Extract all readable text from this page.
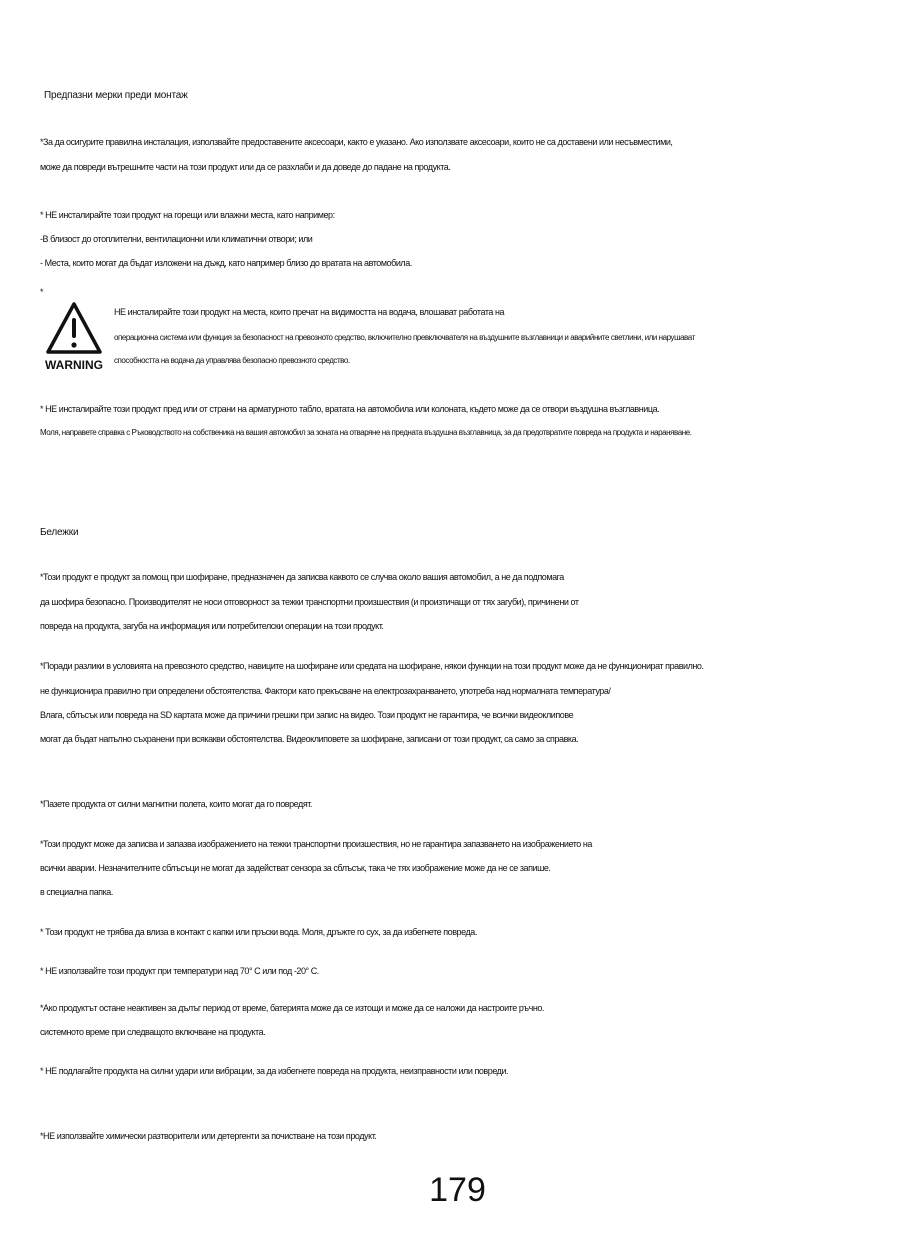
Предпазни мерки преди монтаж
*За да осигурите правилна инсталация, използвайте предоставените аксесоари, както е указано. Ако използвате аксесоари, които не са доставени или несъвместими,
може да повреди вътрешните части на този продукт или да се разхлаби и да доведе до падане на продукта.
* НЕ инсталирайте този продукт на горещи или влажни места, като например:
-В близост до отоплителни, вентилационни или климатични отвори; или
- Места, които могат да бъдат изложени на дъжд, като например близо до вратата на автомобила.
*
WARNING
НЕ инсталирайте този продукт на места, които пречат на видимостта на водача, влошават работата на
операционна система или функция за безопасност на превозното средство, включително превключвателя на въздушните възглавници и аварийните светлини, или нарушават
способността на водача да управлява безопасно превозното средство.
* НЕ инсталирайте този продукт пред или от страни на арматурното табло, вратата на автомобила или колоната, където може да се отвори въздушна възглавница.
Моля, направете справка с Ръководството на собственика на вашия автомобил за зоната на отваряне на предната въздушна възглавница, за да предотвратите повреда на продукта и нараняване.
Бележки
*Този продукт е продукт за помощ при шофиране, предназначен да записва каквото се случва около вашия автомобил, а не да подпомага
да шофира безопасно. Производителят не носи отговорност за тежки транспортни произшествия (и произтичащи от тях загуби), причинени от
повреда на продукта, загуба на информация или потребителски операции на този продукт.
*Поради разлики в условията на превозното средство, навиците на шофиране или средата на шофиране, някои функции на този продукт може да не функционират правилно.
не функционира правилно при определени обстоятелства. Фактори като прекъсване на електрозахранването, употреба над нормалната температура/
Влага, сблъсък или повреда на SD картата може да причини грешки при запис на видео. Този продукт не гарантира, че всички видеоклипове
могат да бъдат напълно съхранени при всякакви обстоятелства. Видеоклиповете за шофиране, записани от този продукт, са само за справка.
*Пазете продукта от силни магнитни полета, които могат да го повредят.
*Този продукт може да записва и запазва изображението на тежки транспортни произшествия, но не гарантира запазването на изображението на
всички аварии. Незначителните сблъсъци не могат да задействат сензора за сблъсък, така че тях изображение може да не се запише.
в специална папка.
* Този продукт не трябва да влиза в контакт с капки или пръски вода. Моля, дръжте го сух, за да избегнете повреда.
* НЕ използвайте този продукт при температури над 70° C или под -20° C.
*Ако продуктът остане неактивен за дълъг период от време, батерията може да се изтощи и може да се наложи да настроите ръчно.
системното време при следващото включване на продукта.
* НЕ подлагайте продукта на силни удари или вибрации, за да избегнете повреда на продукта, неизправности или повреди.
*НЕ използвайте химически разтворители или детергенти за почистване на този продукт.
179
